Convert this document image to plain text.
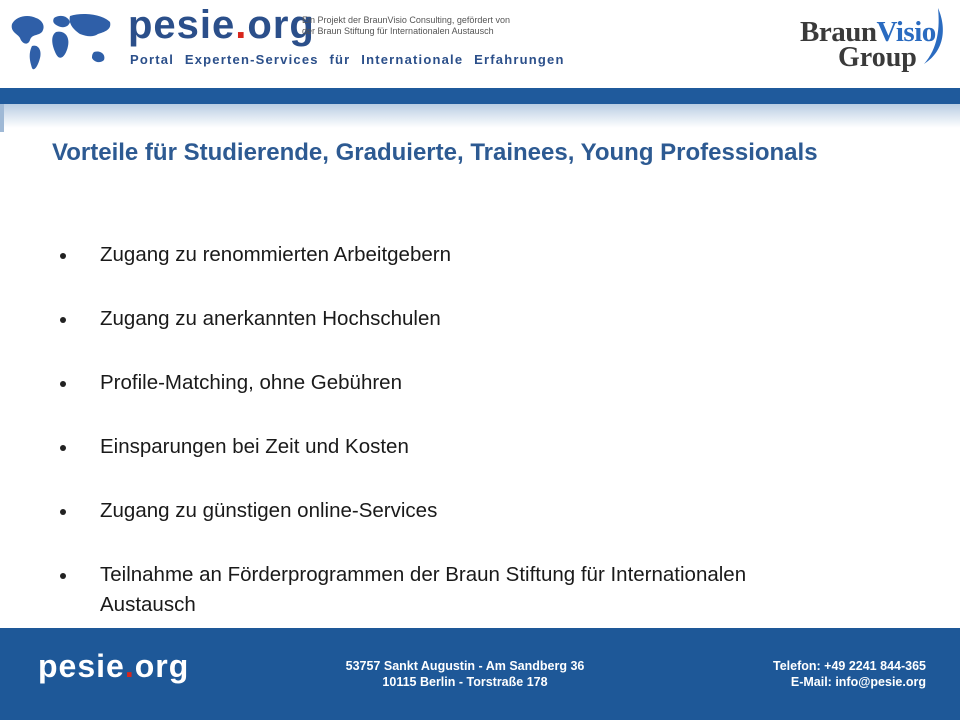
pesie.org
Ein Projekt der BraunVisio Consulting, gefördert von
der Braun Stiftung für Internationalen Austausch
Portal Experten-Services für Internationale Erfahrungen
BraunVisio
Group
Vorteile für Studierende, Graduierte, Trainees, Young Professionals
Zugang zu renommierten Arbeitgebern
Zugang zu anerkannten Hochschulen
Profile-Matching, ohne Gebühren
Einsparungen bei Zeit und Kosten
Zugang zu günstigen online-Services
Teilnahme an Förderprogrammen der Braun Stiftung für Internationalen Austausch
pesie.org	53757 Sankt Augustin - Am Sandberg 36
10115 Berlin - Torstraße 178
Telefon: +49 2241 844-365
E-Mail: info@pesie.org
